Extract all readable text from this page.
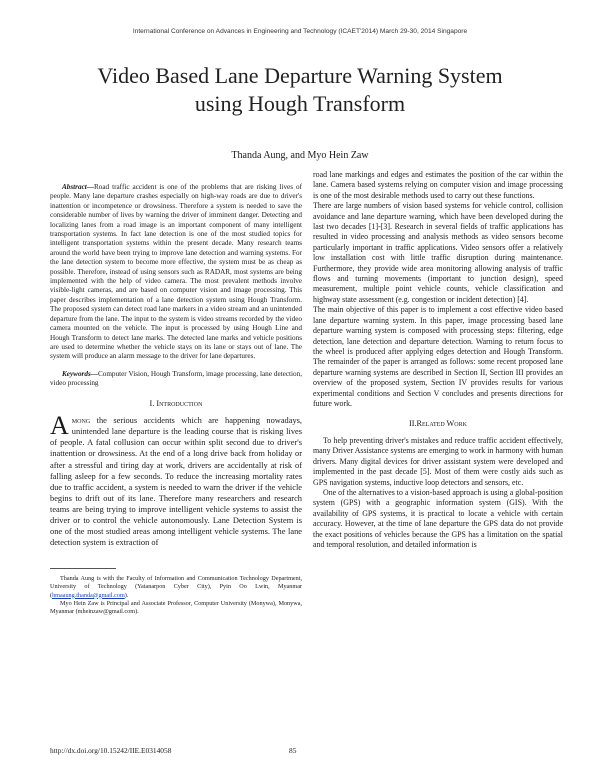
International Conference on Advances in Engineering and Technology (ICAET'2014) March 29-30, 2014 Singapore
Video Based Lane Departure Warning System
using Hough Transform
Thanda Aung, and Myo Hein Zaw

Abstract—Road traffic accident is one of the problems that are risking lives of people. Many lane departure crashes especially on high-way roads are due to driver's inattention or incompetence or drowsiness. Therefore a system is needed to save the considerable number of lives by warning the driver of imminent danger. Detecting and localizing lanes from a road image is an important component of many intelligent transportation systems. In fact lane detection is one of the most studied topics for intelligent transportation systems within the present decade. Many research teams around the world have been trying to improve lane detection and warning systems. For the lane detection system to become more effective, the system must be as cheap as possible. Therefore, instead of using sensors such as RADAR, most systems are being implemented with the help of video camera. The most prevalent methods involve visible-light cameras, and are based on computer vision and image processing. This paper describes implementation of a lane detection system using Hough Transform. The proposed system can detect road lane markers in a video stream and an unintended departure from the lane. The input to the system is video streams recorded by the video camera mounted on the vehicle. The input is processed by using Hough Line and Hough Transform to detect lane marks. The detected lane marks and vehicle positions are used to determine whether the vehicle stays on its lane or stays out of lane. The system will produce an alarm message to the driver for lane departures.

Keywords—Computer Vision, Hough Transform, image processing, lane detection, video processing

I. Introduction

Among the serious accidents which are happening nowadays, unintended lane departure is the leading course that is risking lives of people. A fatal collusion can occur within split second due to driver's inattention or drowsiness. At the end of a long drive back from holiday or after a stressful and tiring day at work, drivers are accidentally at risk of falling asleep for a few seconds. To reduce the increasing mortality rates due to traffic accident, a system is needed to warn the driver if the vehicle begins to drift out of its lane. Therefore many researchers and research teams are being trying to improve intelligent vehicle systems to assist the driver or to control the vehicle autonomously. Lane Detection System is one of the most studied areas among intelligent vehicle systems. The lane detection system is extraction of

Thanda Aung is with the Faculty of Information and Communication Technology Department, University of Technology (Yatanarpon Cyber City), Pyin Oo Lwin, Myanmar (hmaaung.thanda@gmail.com).

Myo Hein Zaw is Principal and Associate Professor, Computer University (Monywa), Monywa, Myanmar (mheinzaw@gmail.com).

road lane markings and edges and estimates the position of the car within the lane. Camera based systems relying on computer vision and image processing is one of the most desirable methods used to carry out these functions.

There are large numbers of vision based systems for vehicle control, collision avoidance and lane departure warning, which have been developed during the last two decades [1]-[3]. Research in several fields of traffic applications has resulted in video processing and analysis methods as video sensors become particularly important in traffic applications. Video sensors offer a relatively low installation cost with little traffic disruption during maintenance. Furthermore, they provide wide area monitoring allowing analysis of traffic flows and turning movements (important to junction design), speed measurement, multiple point vehicle counts, vehicle classification and highway state assessment (e.g. congestion or incident detection) [4].

The main objective of this paper is to implement a cost effective video based lane departure warning system. In this paper, image processing based lane departure warning system is composed with processing steps: filtering, edge detection, lane detection and departure detection. Warning to return focus to the wheel is produced after applying edges detection and Hough Transform. The remainder of the paper is arranged as follows: some recent proposed lane departure warning systems are described in Section II, Section III provides an overview of the proposed system, Section IV provides results for various experimental conditions and Section V concludes and presents directions for future work.

II.Related Work

To help preventing driver's mistakes and reduce traffic accident effectively, many Driver Assistance systems are emerging to work in harmony with human drivers. Many digital devices for driver assistant system were developed and implemented in the past decade [5]. Most of them were costly aids such as GPS navigation systems, inductive loop detectors and sensors, etc.

One of the alternatives to a vision-based approach is using a global-position system (GPS) with a geographic information system (GIS). With the availability of GPS systems, it is practical to locate a vehicle with certain accuracy. However, at the time of lane departure the GPS data do not provide the exact positions of vehicles because the GPS has a limitation on the spatial and temporal resolution, and detailed information is

http://dx.doi.org/10.15242/IIE.E0314058	85
